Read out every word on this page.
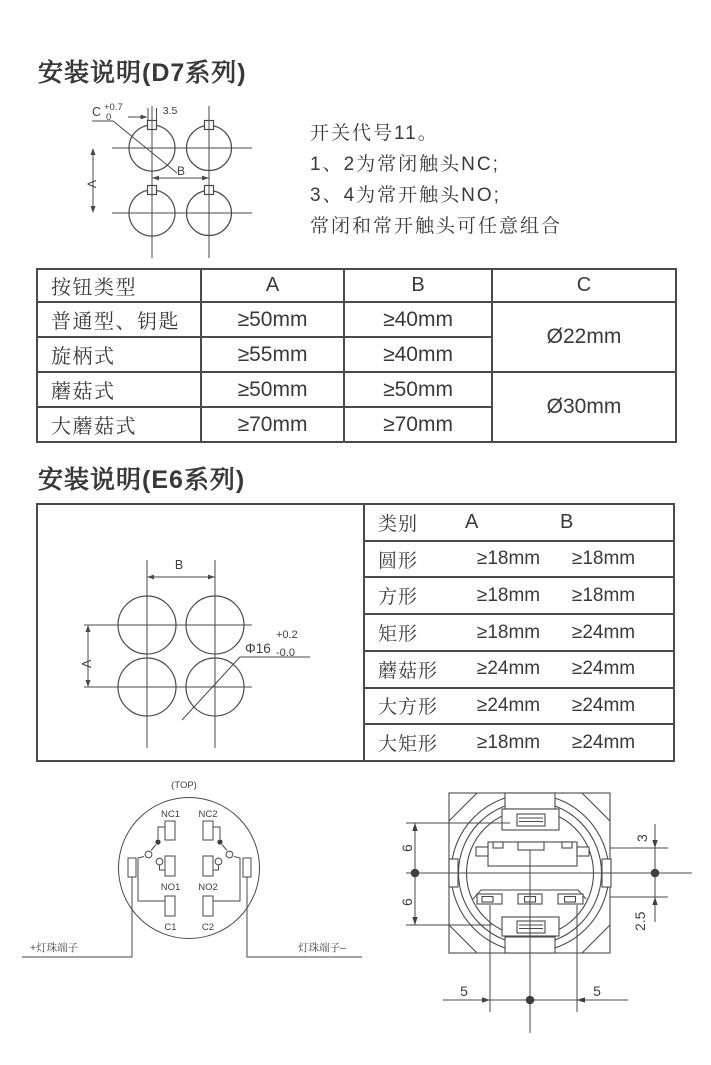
安装说明(D7系列)
C +0.7
0
3.5
A
B
开关代号11。
1、2为常闭触头NC;
3、4为常开触头NO;
常闭和常开触头可任意组合
按钮类型	A	B	C
普通型、钥匙	≥50mm	≥40mm	Ø22mm
旋柄式	≥55mm	≥40mm	
蘑菇式	≥50mm	≥50mm	Ø30mm
大蘑菇式	≥70mm	≥70mm	
安装说明(E6系列)
B
A
Φ16
+0.2
-0.0
类别	A	B
圆形	≥18mm	≥18mm
方形	≥18mm	≥18mm
矩形	≥18mm	≥24mm
蘑菇形	≥24mm	≥24mm
大方形	≥24mm	≥24mm
大矩形	≥18mm	≥24mm
(TOP)
NC1 NC2
NO1 NO2
C1	C2
+灯珠端子	灯珠端子–
6
6
3
2.5
5	5
